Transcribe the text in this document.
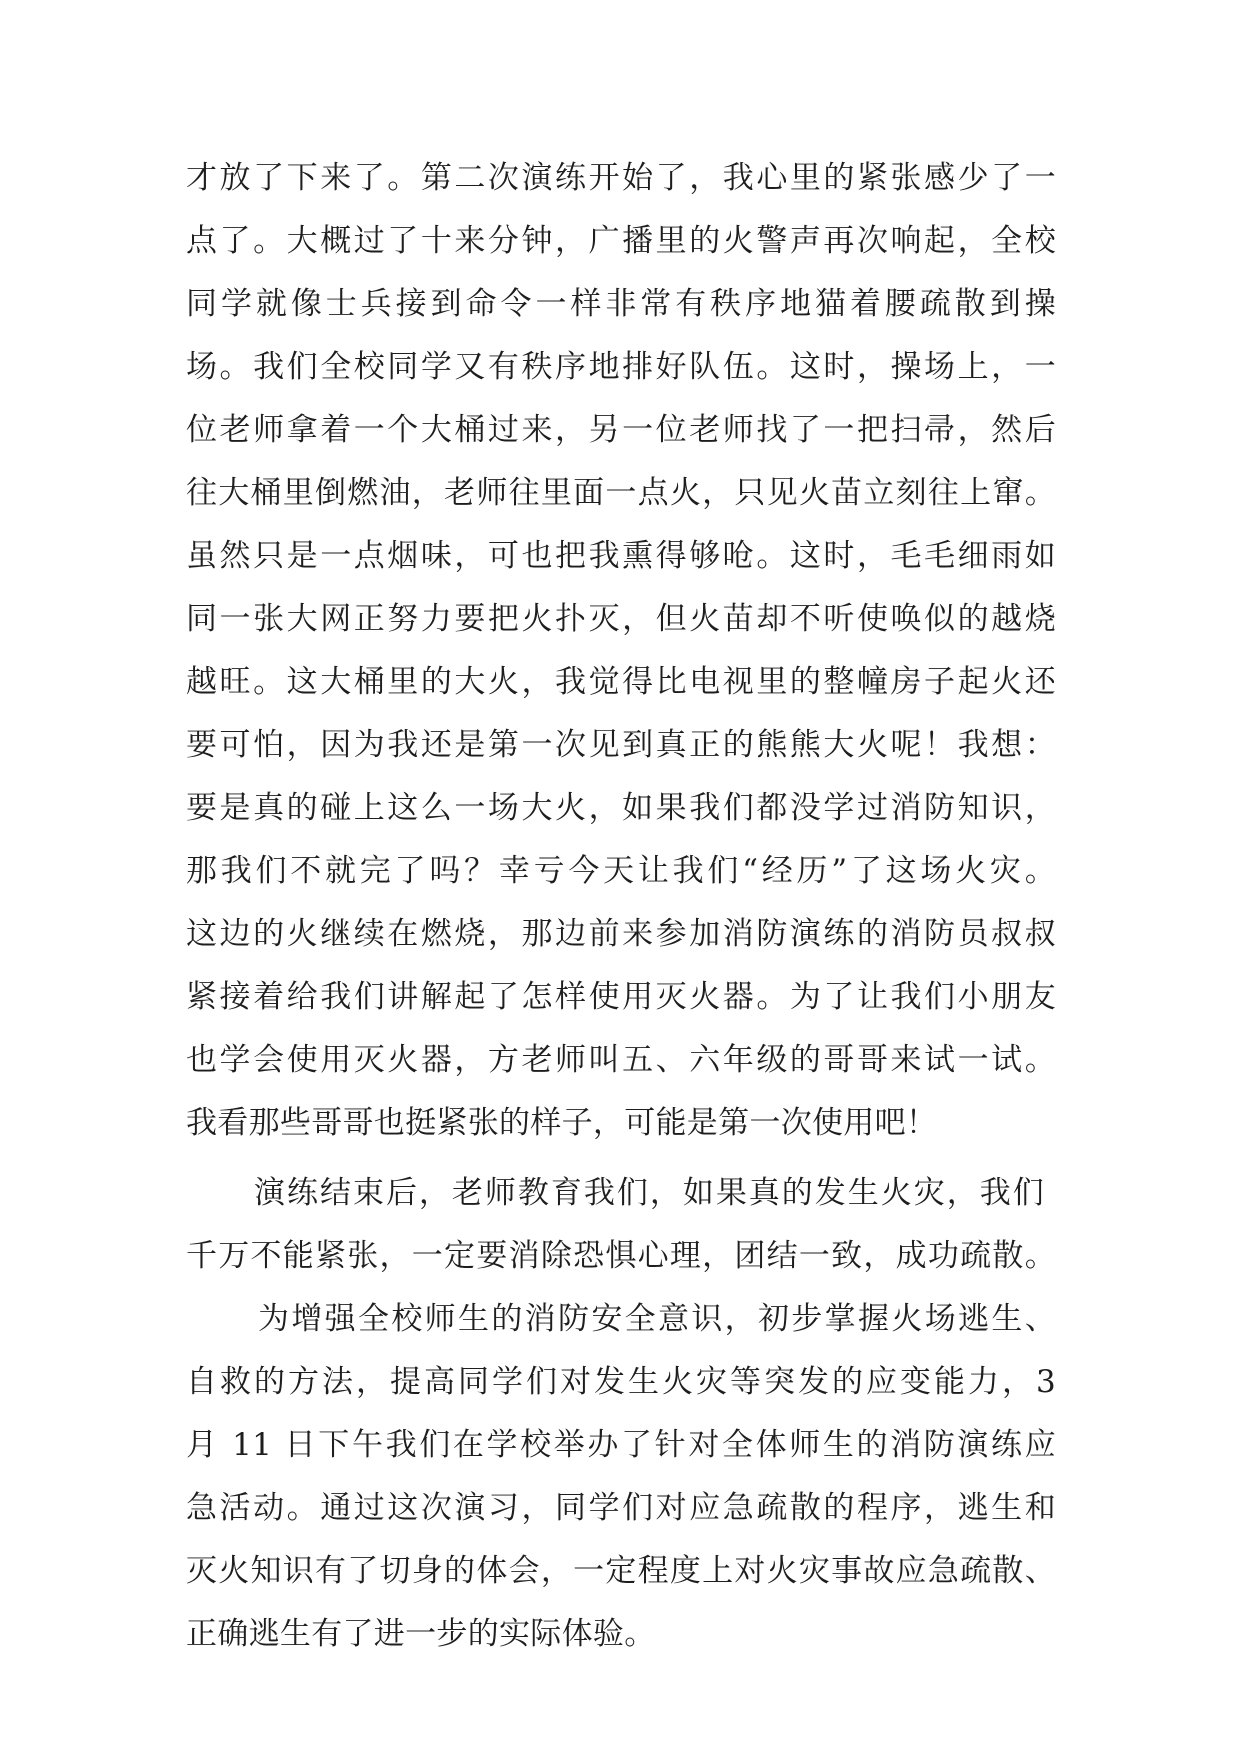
才放了下来了。第二次演练开始了，我心里的紧张感少了一
点了。大概过了十来分钟，广播里的火警声再次响起，全校
同学就像士兵接到命令一样非常有秩序地猫着腰疏散到操
场。我们全校同学又有秩序地排好队伍。这时，操场上，一
位老师拿着一个大桶过来，另一位老师找了一把扫帚，然后
往大桶里倒燃油，老师往里面一点火，只见火苗立刻往上窜。
虽然只是一点烟味，可也把我熏得够呛。这时，毛毛细雨如
同一张大网正努力要把火扑灭，但火苗却不听使唤似的越烧
越旺。这大桶里的大火，我觉得比电视里的整幢房子起火还
要可怕，因为我还是第一次见到真正的熊熊大火呢！我想：
要是真的碰上这么一场大火，如果我们都没学过消防知识，
那我们不就完了吗？幸亏今天让我们“经历”了这场火灾。
这边的火继续在燃烧，那边前来参加消防演练的消防员叔叔
紧接着给我们讲解起了怎样使用灭火器。为了让我们小朋友
也学会使用灭火器，方老师叫五、六年级的哥哥来试一试。
我看那些哥哥也挺紧张的样子，可能是第一次使用吧！
演练结束后，老师教育我们，如果真的发生火灾，我们
千万不能紧张，一定要消除恐惧心理，团结一致，成功疏散。
为增强全校师生的消防安全意识，初步掌握火场逃生、
自救的方法，提高同学们对发生火灾等突发的应变能力，3
月 11 日下午我们在学校举办了针对全体师生的消防演练应
急活动。通过这次演习，同学们对应急疏散的程序，逃生和
灭火知识有了切身的体会，一定程度上对火灾事故应急疏散、
正确逃生有了进一步的实际体验。
